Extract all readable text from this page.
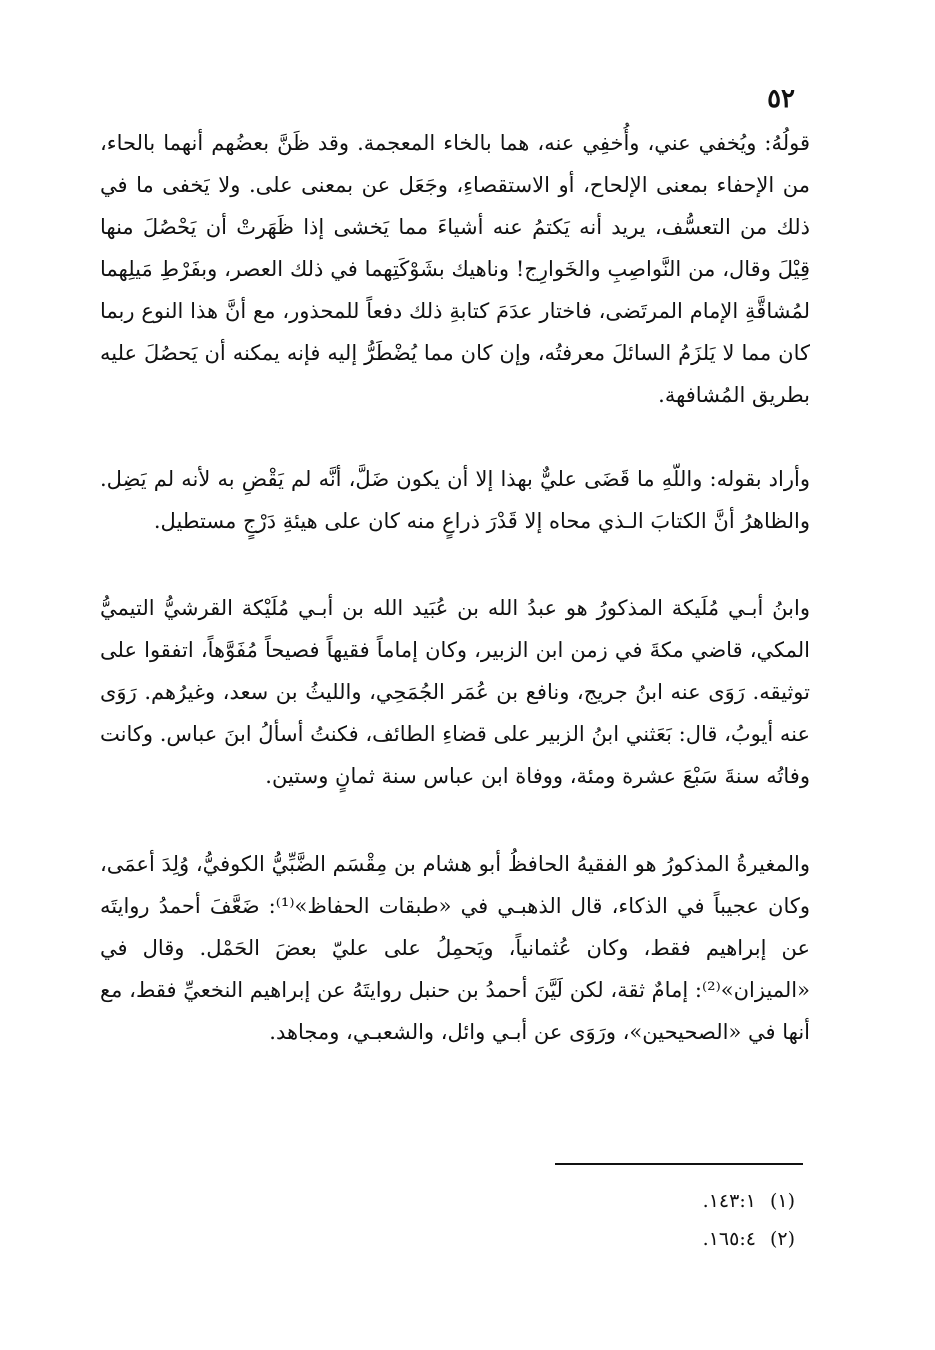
٥٢

قولُهُ: ويُخفي عني، وأُخفِي عنه، هما بالخاء المعجمة. وقد ظَنَّ بعضُهم أنهما بالحاء، من الإحفاء بمعنى الإلحاح، أو الاستقصاءِ، وجَعَل عن بمعنى على. ولا يَخفى ما في ذلك من التعسُّف، يريد أنه يَكتمُ عنه أشياءَ مما يَخشى إذا ظَهَرتْ أن يَحْصُلَ منها قِيْلَ وقال، من النَّواصِبِ والخَوارِج! وناهيك بشَوْكَتِهما في ذلك العصر، وبفَرْطِ مَيلِهما لمُشاقَّةِ الإمام المرتَضى، فاختار عدَمَ كتابةِ ذلك دفعاً للمحذور، مع أنَّ هذا النوع ربما كان مما لا يَلزَمُ السائلَ معرفتُه، وإن كان مما يُضْطَرُّ إليه فإنه يمكنه أن يَحصُلَ عليه بطريق المُشافهة.

وأراد بقوله: واللّهِ ما قَضَى عليٌّ بهذا إلا أن يكون ضَلَّ، أنَّه لم يَقْضِ به لأنه لم يَضِل. والظاهرُ أنَّ الكتابَ الـذي محاه إلا قَدْرَ ذراعٍ منه كان على هيئةِ دَرْجٍ مستطيل.

وابنُ أبـي مُلَيكة المذكورُ هو عبدُ الله بن عُبَيد الله بن أبـي مُلَيْكة القرشيُّ التيميُّ المكي، قاضي مكةَ في زمن ابن الزبير، وكان إماماً فقيهاً فصيحاً مُفَوَّهاً، اتفقوا على توثيقه. رَوَى عنه ابنُ جريج، ونافع بن عُمَر الجُمَحِي، والليثُ بن سعد، وغيرُهم. رَوَى عنه أيوبُ، قال: بَعَثني ابنُ الزبير على قضاءِ الطائف، فكنتُ أسألُ ابنَ عباس. وكانت وفاتُه سنةَ سَبْعَ عشرة ومئة، ووفاة ابن عباس سنة ثمانٍ وستين.

والمغيرةُ المذكورُ هو الفقيهُ الحافظُ أبو هشام بن مِقْسَم الضَّبِّيُّ الكوفيُّ، وُلِدَ أعمَى، وكان عجيباً في الذكاء، قال الذهبـي في «طبقات الحفاظ»⁽¹⁾: ضَعَّفَ أحمدُ روايتَه عن إبراهيم فقط، وكان عُثمانياً، ويَحمِلُ على عليّ بعضَ الحَمْل. وقال في «الميزان»⁽²⁾: إمامٌ ثقة، لكن لَيَّنَ أحمدُ بن حنبل روايتَهُ عن إبراهيم النخعيِّ فقط، مع أنها في «الصحيحين»، ورَوَى عن أبـي وائل، والشعبـي، ومجاهد.

(١)١٤٣:١.
(٢)١٦٥:٤.
